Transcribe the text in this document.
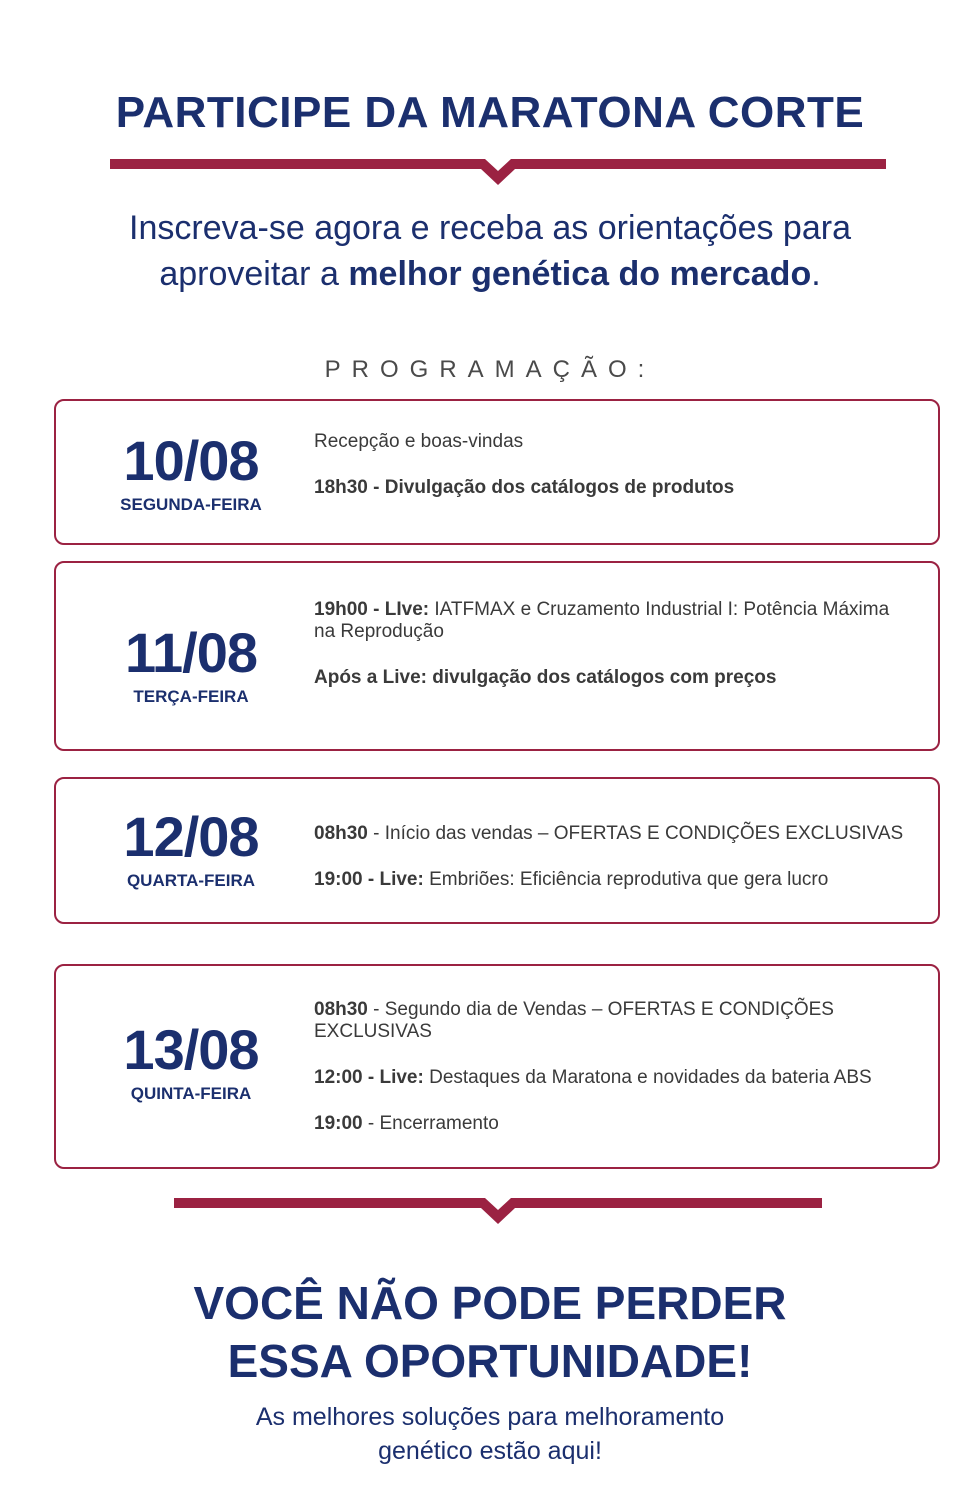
PARTICIPE DA MARATONA CORTE
Inscreva-se agora e receba as orientações para
aproveitar a melhor genética do mercado.
PROGRAMAÇÃO:
10/08
SEGUNDA-FEIRA

Recepção e boas-vindas

18h30 - Divulgação dos catálogos de produtos

11/08
TERÇA-FEIRA

19h00 - LIve: IATFMAX e Cruzamento Industrial I: Potência Máxima na Reprodução

Após a Live: divulgação dos catálogos com preços

12/08
QUARTA-FEIRA

08h30 - Início das vendas – OFERTAS E CONDIÇÕES EXCLUSIVAS

19:00 - Live: Embriões: Eficiência reprodutiva que gera lucro

13/08
QUINTA-FEIRA

08h30 - Segundo dia de Vendas – OFERTAS E CONDIÇÕES EXCLUSIVAS

12:00 - Live: Destaques da Maratona e novidades da bateria ABS

19:00 - Encerramento

VOCÊ NÃO PODE PERDER
ESSA OPORTUNIDADE!
As melhores soluções para melhoramento
genético estão aqui!
